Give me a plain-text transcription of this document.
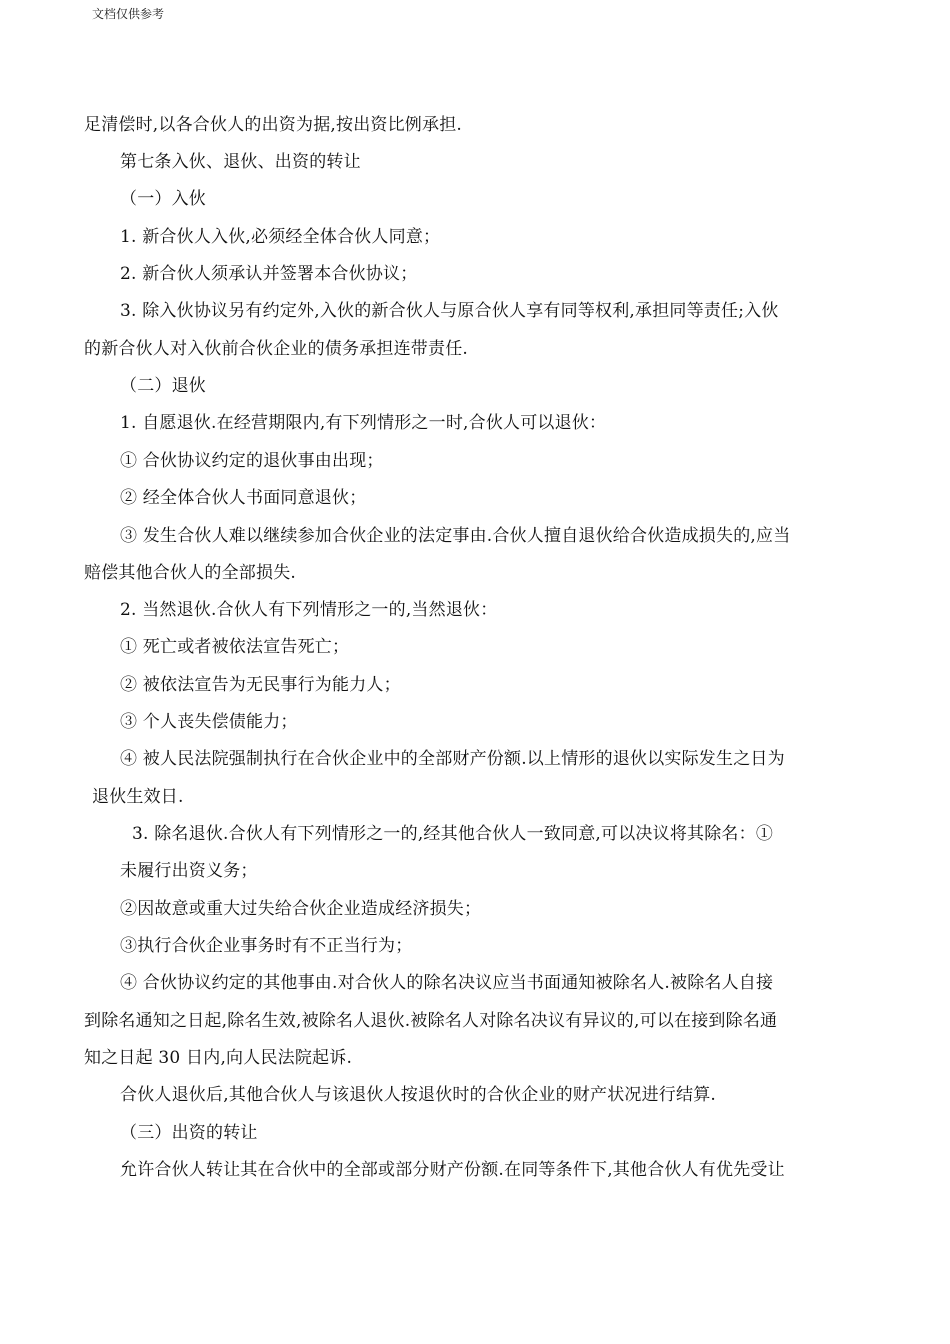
文档仅供参考
足清偿时,以各合伙人的出资为据,按出资比例承担.
第七条入伙、退伙、出资的转让
（一）入伙
1. 新合伙人入伙,必须经全体合伙人同意；
2. 新合伙人须承认并签署本合伙协议；
3. 除入伙协议另有约定外,入伙的新合伙人与原合伙人享有同等权利,承担同等责任;入伙
的新合伙人对入伙前合伙企业的债务承担连带责任.
（二）退伙
1. 自愿退伙.在经营期限内,有下列情形之一时,合伙人可以退伙：
① 合伙协议约定的退伙事由出现；
② 经全体合伙人书面同意退伙；
③ 发生合伙人难以继续参加合伙企业的法定事由.合伙人擅自退伙给合伙造成损失的,应当
赔偿其他合伙人的全部损失.
2. 当然退伙.合伙人有下列情形之一的,当然退伙：
① 死亡或者被依法宣告死亡；
② 被依法宣告为无民事行为能力人；
③ 个人丧失偿债能力；
④ 被人民法院强制执行在合伙企业中的全部财产份额.以上情形的退伙以实际发生之日为
退伙生效日.
3. 除名退伙.合伙人有下列情形之一的,经其他合伙人一致同意,可以决议将其除名：①
未履行出资义务；
②因故意或重大过失给合伙企业造成经济损失；
③执行合伙企业事务时有不正当行为；
④ 合伙协议约定的其他事由.对合伙人的除名决议应当书面通知被除名人.被除名人自接
到除名通知之日起,除名生效,被除名人退伙.被除名人对除名决议有异议的,可以在接到除名通
知之日起 30 日内,向人民法院起诉.
合伙人退伙后,其他合伙人与该退伙人按退伙时的合伙企业的财产状况进行结算.
（三）出资的转让
允许合伙人转让其在合伙中的全部或部分财产份额.在同等条件下,其他合伙人有优先受让
